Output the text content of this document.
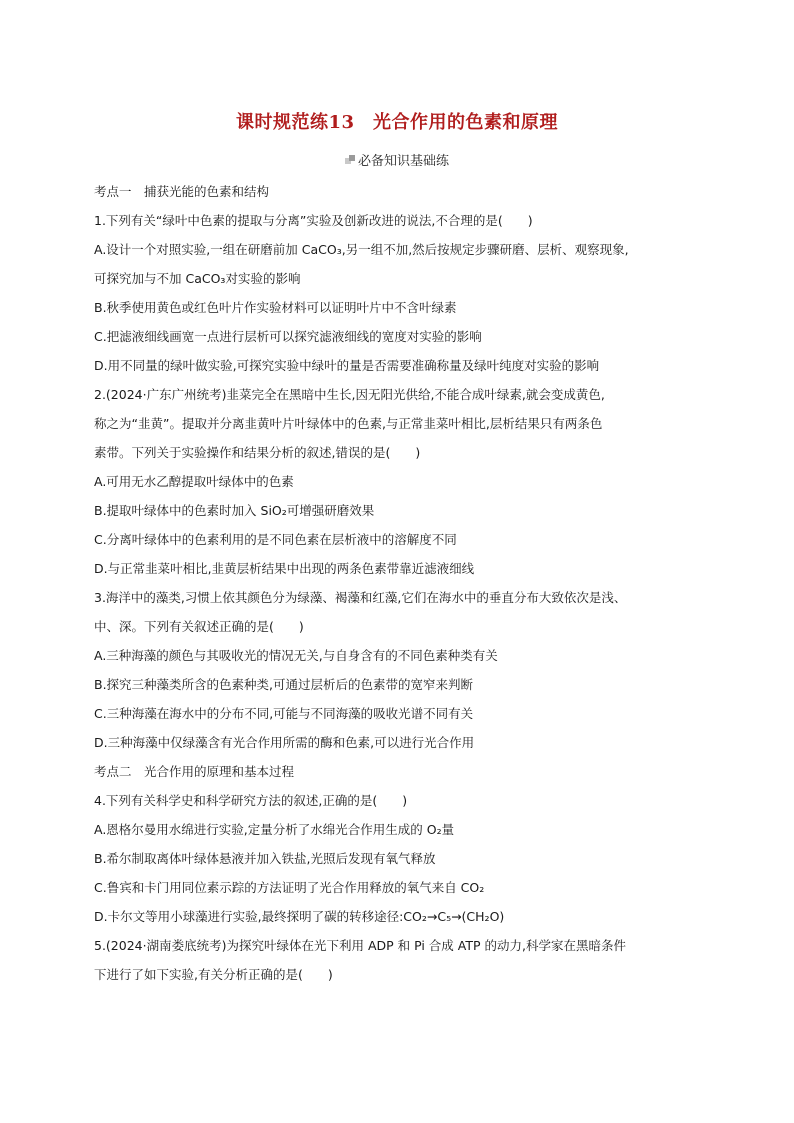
课时规范练13　光合作用的色素和原理
必备知识基础练
考点一　捕获光能的色素和结构
1.下列有关“绿叶中色素的提取与分离”实验及创新改进的说法,不合理的是(　　)
A.设计一个对照实验,一组在研磨前加 CaCO₃,另一组不加,然后按规定步骤研磨、层析、观察现象,
可探究加与不加 CaCO₃对实验的影响
B.秋季使用黄色或红色叶片作实验材料可以证明叶片中不含叶绿素
C.把滤液细线画宽一点进行层析可以探究滤液细线的宽度对实验的影响
D.用不同量的绿叶做实验,可探究实验中绿叶的量是否需要准确称量及绿叶纯度对实验的影响
2.(2024·广东广州统考)韭菜完全在黑暗中生长,因无阳光供给,不能合成叶绿素,就会变成黄色,
称之为“韭黄”。提取并分离韭黄叶片叶绿体中的色素,与正常韭菜叶相比,层析结果只有两条色
素带。下列关于实验操作和结果分析的叙述,错误的是(　　)
A.可用无水乙醇提取叶绿体中的色素
B.提取叶绿体中的色素时加入 SiO₂可增强研磨效果
C.分离叶绿体中的色素利用的是不同色素在层析液中的溶解度不同
D.与正常韭菜叶相比,韭黄层析结果中出现的两条色素带靠近滤液细线
3.海洋中的藻类,习惯上依其颜色分为绿藻、褐藻和红藻,它们在海水中的垂直分布大致依次是浅、
中、深。下列有关叙述正确的是(　　)
A.三种海藻的颜色与其吸收光的情况无关,与自身含有的不同色素种类有关
B.探究三种藻类所含的色素种类,可通过层析后的色素带的宽窄来判断
C.三种海藻在海水中的分布不同,可能与不同海藻的吸收光谱不同有关
D.三种海藻中仅绿藻含有光合作用所需的酶和色素,可以进行光合作用
考点二　光合作用的原理和基本过程
4.下列有关科学史和科学研究方法的叙述,正确的是(　　)
A.恩格尔曼用水绵进行实验,定量分析了水绵光合作用生成的 O₂量
B.希尔制取离体叶绿体悬液并加入铁盐,光照后发现有氧气释放
C.鲁宾和卡门用同位素示踪的方法证明了光合作用释放的氧气来自 CO₂
D.卡尔文等用小球藻进行实验,最终探明了碳的转移途径:CO₂→C₅→(CH₂O)
5.(2024·湖南娄底统考)为探究叶绿体在光下利用 ADP 和 Pi 合成 ATP 的动力,科学家在黑暗条件
下进行了如下实验,有关分析正确的是(　　)
